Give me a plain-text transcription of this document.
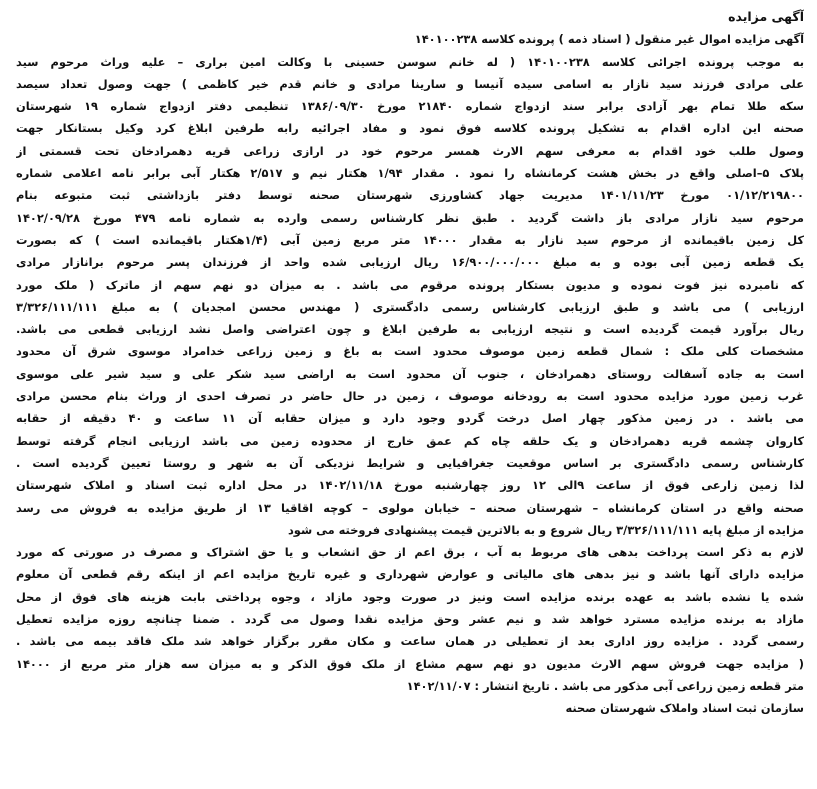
آگهی مزایده
آگهی مزایده اموال غیر منقول ( اسناد ذمه ) پرونده کلاسه ۱۴۰۱۰۰۲۳۸
به موجب پرونده اجرائی کلاسه ۱۴۰۱۰۰۲۳۸ ( له خانم سوسن حسینی با وکالت امین براری – علیه وراث مرحوم سید
علی مرادی فرزند سید نازار به اسامی سیده آنیسا و سارینا مرادی و خانم قدم خیر کاظمی ) جهت وصول تعداد سیصد
سکه طلا تمام بهر آزادی برابر سند ازدواج شماره ۲۱۸۴۰ مورخ ۱۳۸۶/۰۹/۳۰ تنظیمی دفتر ازدواج شماره ۱۹ شهرستان
صحنه این اداره اقدام به تشکیل پرونده کلاسه فوق نمود و مفاد اجرائیه رابه طرفین ابلاغ کرد وکیل بستانکار جهت
وصول طلب خود اقدام به معرفی سهم الارث همسر مرحوم خود در ارازی زراعی قریه دهمرادخان تحت قسمتی از
پلاک ۵–اصلی واقع در بخش هشت کرمانشاه را نمود . مقدار ۱/۹۴ هکتار نیم و ۲/۵۱۷ هکتار آبی برابر نامه اعلامی شماره
۰۱/۱۲/۲۱۹۸۰۰ مورخ ۱۴۰۱/۱۱/۲۳ مدیریت جهاد کشاورزی شهرستان صحنه توسط دفتر بازداشتی ثبت متبوعه بنام
مرحوم سید نازار مرادی باز داشت گردید . طبق نظر کارشناس رسمی وارده به شماره نامه ۴۷۹ مورخ ۱۴۰۲/۰۹/۲۸
کل زمین باقیمانده از مرحوم سید نازار به مقدار ۱۴۰۰۰ متر مربع زمین آبی (۱/۴هکتار باقیمانده است ) که بصورت
یک قطعه زمین آبی بوده و به مبلغ ۱۶/۹۰۰/۰۰۰/۰۰۰ ریال ارزیابی شده واحد از فرزندان پسر مرحوم برانازار مرادی
که نامبرده نیز فوت نموده و مدیون بستکار پرونده مرقوم می باشد . به میزان دو نهم سهم از ماترک ( ملک مورد
ارزیابی ) می باشد و طبق ارزیابی کارشناس رسمی دادگستری ( مهندس محسن امجدیان ) به مبلغ ۳/۳۲۶/۱۱۱/۱۱۱
ریال برآورد قیمت گردیده است و نتیجه ارزیابی به طرفین ابلاغ و چون اعتراضی واصل نشد ارزیابی قطعی می باشد.
مشخصات کلی ملک : شمال قطعه زمین موصوف محدود است به باغ و زمین زراعی خدامراد موسوی شرق آن محدود
است به جاده آسفالت روستای دهمرادخان ، جنوب آن محدود است به اراضی سید شکر علی و سید شیر علی موسوی
غرب زمین مورد مزایده محدود است به رودخانه موصوف ، زمین در حال حاضر در تصرف احدی از وراث بنام محسن مرادی
می باشد . در زمین مذکور چهار اصل درخت گردو وجود دارد و میزان حقابه آن ۱۱ ساعت و ۴۰ دقیقه از حقابه
کاروان چشمه قریه دهمرادخان و یک حلقه چاه کم عمق خارج از محدوده زمین می باشد ارزیابی انجام گرفته توسط
کارشناس رسمی دادگستری بر اساس موقعیت جغرافیایی و شرایط نزدیکی آن به شهر و روستا تعیین گردیده است .
لذا زمین زارعی فوق از ساعت ۹الی ۱۲ روز چهارشنبه مورخ ۱۴۰۲/۱۱/۱۸ در محل اداره ثبت اسناد و املاک شهرستان
صحنه واقع در استان کرمانشاه – شهرستان صحنه – خیابان مولوی – کوچه اقاقیا ۱۳ از طریق مزایده به فروش می رسد
مزایده از مبلغ پایه ۳/۳۲۶/۱۱۱/۱۱۱ ریال شروع و به بالاترین قیمت پیشنهادی فروخته می شود
لازم به ذکر است پرداخت بدهی های مربوط به آب ، برق اعم از حق انشعاب و یا حق اشتراک و مصرف در صورتی که مورد
مزایده دارای آنها باشد و نیز بدهی های مالیاتی و عوارض شهرداری و غیره تاریخ مزایده اعم از اینکه رقم قطعی آن معلوم
شده یا نشده باشد به عهده برنده مزایده است ونیز در صورت وجود مازاد ، وجوه پرداختی بابت هزینه های فوق از محل
مازاد به برنده مزایده مسترد خواهد شد و نیم عشر وحق مزایده نقدا وصول می گردد . ضمنا چنانچه روزه مزایده تعطیل
رسمی گردد . مزایده روز اداری بعد از تعطیلی در همان ساعت و مکان مقرر برگزار خواهد شد ملک فاقد بیمه می باشد .
( مزایده جهت فروش سهم الارث مدیون دو نهم سهم مشاع از ملک فوق الذکر و به میزان سه هزار متر مربع از ۱۴۰۰۰
متر قطعه زمین زراعی آبی مذکور می باشد . تاریخ انتشار : ۱۴۰۲/۱۱/۰۷
سازمان ثبت اسناد واملاک شهرستان صحنه
